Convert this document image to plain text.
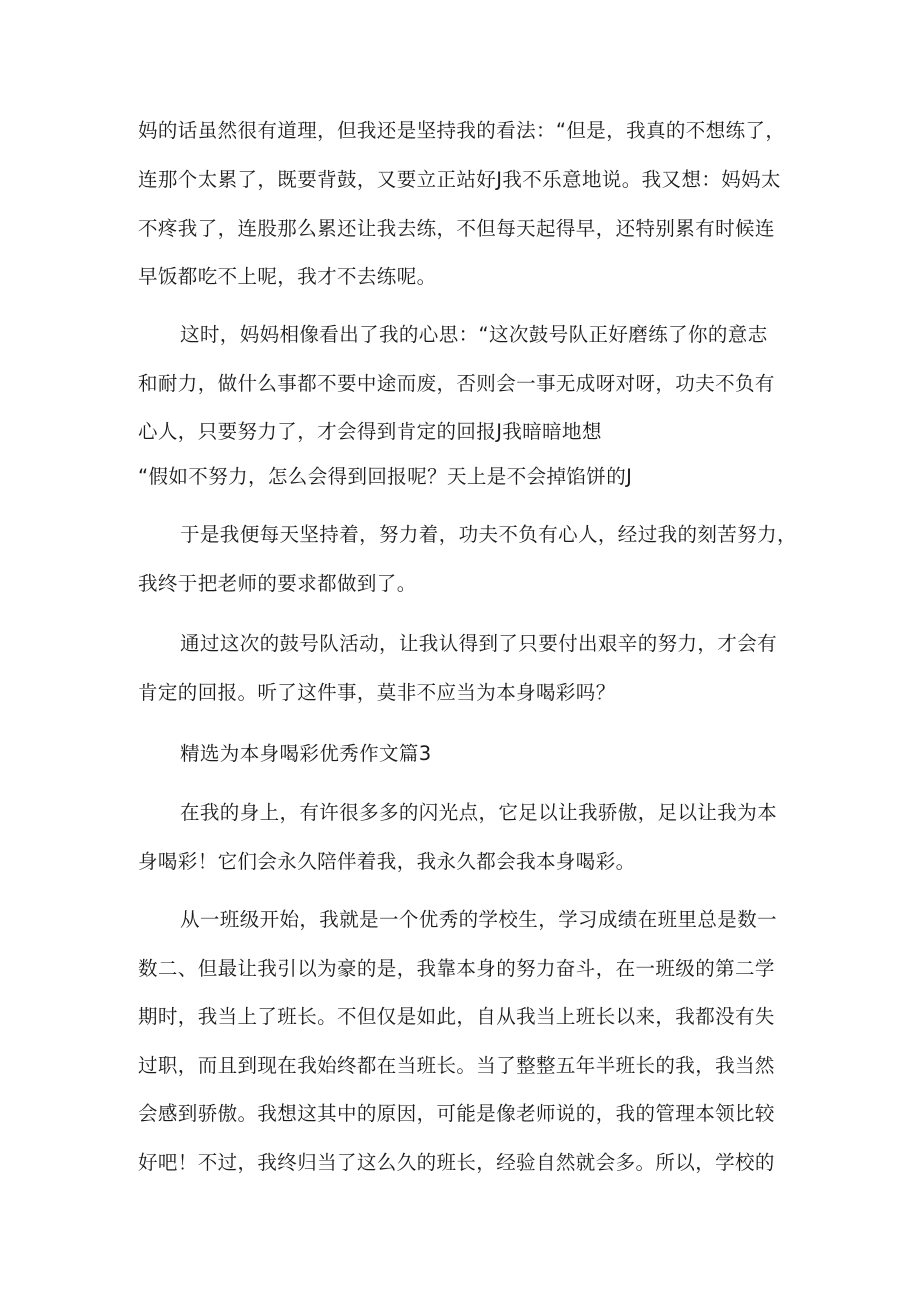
妈的话虽然很有道理，但我还是坚持我的看法：“但是，我真的不想练了，
连那个太累了，既要背鼓，又要立正站好J我不乐意地说。我又想：妈妈太
不疼我了，连股那么累还让我去练，不但每天起得早，还特别累有时候连
早饭都吃不上呢，我才不去练呢。
这时，妈妈相像看出了我的心思：“这次鼓号队正好磨练了你的意志
和耐力，做什么事都不要中途而废，否则会一事无成呀对呀，功夫不负有
心人，只要努力了，才会得到肯定的回报J我暗暗地想
“假如不努力，怎么会得到回报呢？天上是不会掉馅饼的J
于是我便每天坚持着，努力着，功夫不负有心人，经过我的刻苦努力，
我终于把老师的要求都做到了。
通过这次的鼓号队活动，让我认得到了只要付出艰辛的努力，才会有
肯定的回报。听了这件事，莫非不应当为本身喝彩吗？
精选为本身喝彩优秀作文篇3
在我的身上，有许很多多的闪光点，它足以让我骄傲，足以让我为本
身喝彩！它们会永久陪伴着我，我永久都会我本身喝彩。
从一班级开始，我就是一个优秀的学校生，学习成绩在班里总是数一
数二、但最让我引以为豪的是，我靠本身的努力奋斗，在一班级的第二学
期时，我当上了班长。不但仅是如此，自从我当上班长以来，我都没有失
过职，而且到现在我始终都在当班长。当了整整五年半班长的我，我当然
会感到骄傲。我想这其中的原因，可能是像老师说的，我的管理本领比较
好吧！不过，我终归当了这么久的班长，经验自然就会多。所以，学校的
